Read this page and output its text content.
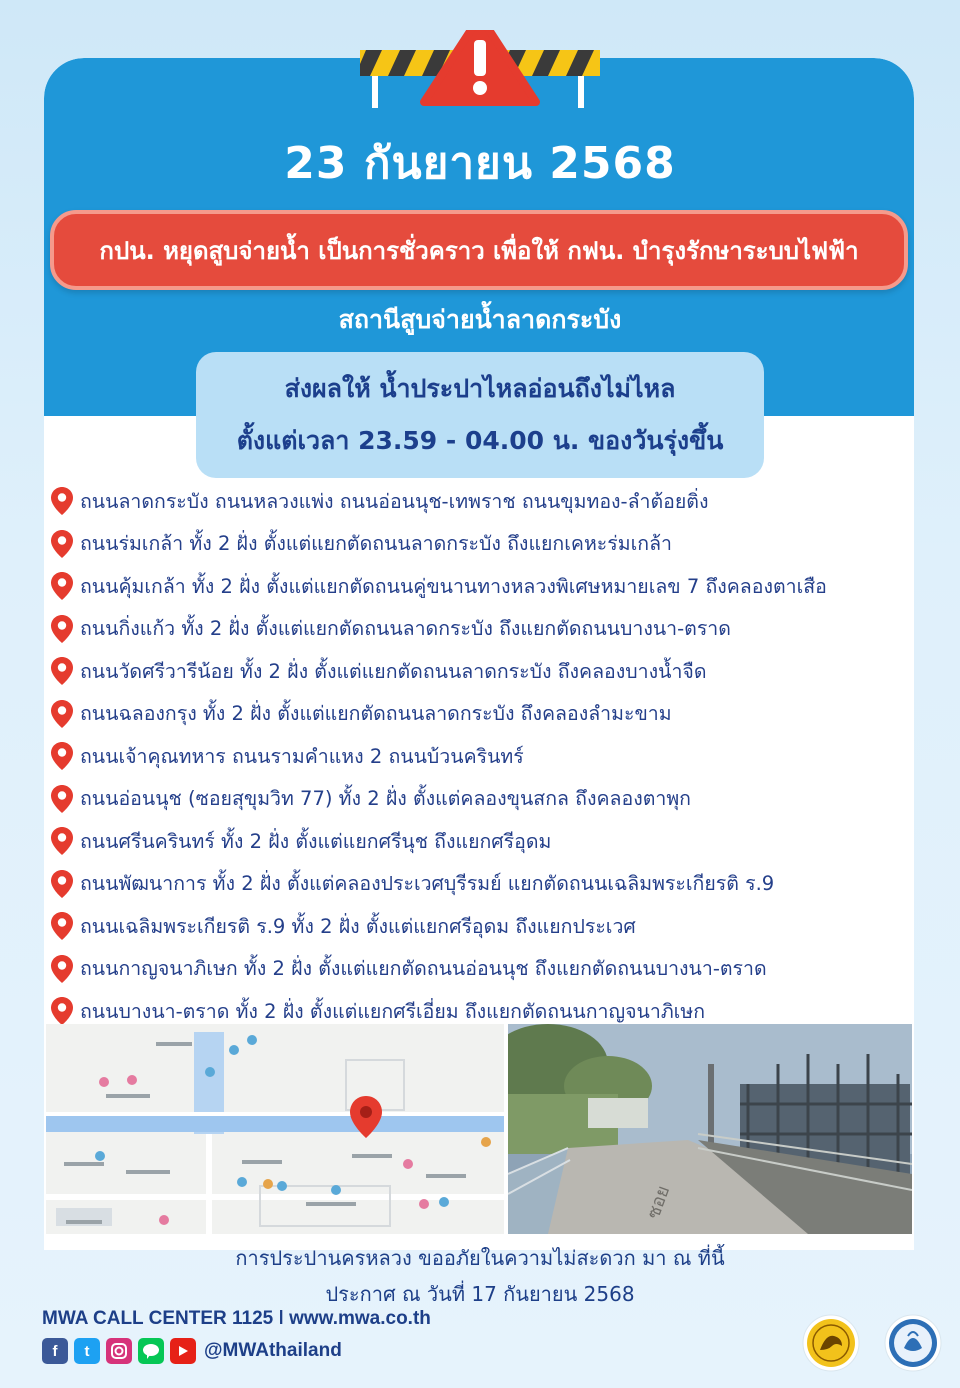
23 กันยายน 2568
กปน. หยุดสูบจ่ายน้ำ เป็นการชั่วคราว เพื่อให้ กฟน. บำรุงรักษาระบบไฟฟ้า
สถานีสูบจ่ายน้ำลาดกระบัง
ส่งผลให้ น้ำประปาไหลอ่อนถึงไม่ไหล
ตั้งแต่เวลา 23.59 - 04.00 น. ของวันรุ่งขึ้น
ถนนลาดกระบัง ถนนหลวงแพ่ง ถนนอ่อนนุช-เทพราช ถนนขุมทอง-ลำต้อยติ่ง
ถนนร่มเกล้า ทั้ง 2 ฝั่ง ตั้งแต่แยกตัดถนนลาดกระบัง ถึงแยกเคหะร่มเกล้า
ถนนคุ้มเกล้า ทั้ง 2 ฝั่ง ตั้งแต่แยกตัดถนนคู่ขนานทางหลวงพิเศษหมายเลข 7 ถึงคลองตาเสือ
ถนนกิ่งแก้ว ทั้ง 2 ฝั่ง ตั้งแต่แยกตัดถนนลาดกระบัง ถึงแยกตัดถนนบางนา-ตราด
ถนนวัดศรีวารีน้อย ทั้ง 2 ฝั่ง ตั้งแต่แยกตัดถนนลาดกระบัง ถึงคลองบางน้ำจืด
ถนนฉลองกรุง ทั้ง 2 ฝั่ง ตั้งแต่แยกตัดถนนลาดกระบัง ถึงคลองลำมะขาม
ถนนเจ้าคุณทหาร ถนนรามคำแหง 2 ถนนบ้วนครินทร์
ถนนอ่อนนุช (ซอยสุขุมวิท 77) ทั้ง 2 ฝั่ง ตั้งแต่คลองขุนสกล ถึงคลองตาพุก
ถนนศรีนครินทร์ ทั้ง 2 ฝั่ง ตั้งแต่แยกศรีนุช ถึงแยกศรีอุดม
ถนนพัฒนาการ ทั้ง 2 ฝั่ง ตั้งแต่คลองประเวศบุรีรมย์ แยกตัดถนนเฉลิมพระเกียรติ ร.9
ถนนเฉลิมพระเกียรติ ร.9 ทั้ง 2 ฝั่ง ตั้งแต่แยกศรีอุดม ถึงแยกประเวศ
ถนนกาญจนาภิเษก ทั้ง 2 ฝั่ง ตั้งแต่แยกตัดถนนอ่อนนุช ถึงแยกตัดถนนบางนา-ตราด
ถนนบางนา-ตราด ทั้ง 2 ฝั่ง ตั้งแต่แยกศรีเอี่ยม ถึงแยกตัดถนนกาญจนาภิเษก
ซอย
การประปานครหลวง ขออภัยในความไม่สะดวก มา ณ ที่นี้
ประกาศ ณ วันที่ 17 กันยายน 2568
MWA CALL CENTER 1125 ǀ www.mwa.co.th
f	t	@MWAthailand
